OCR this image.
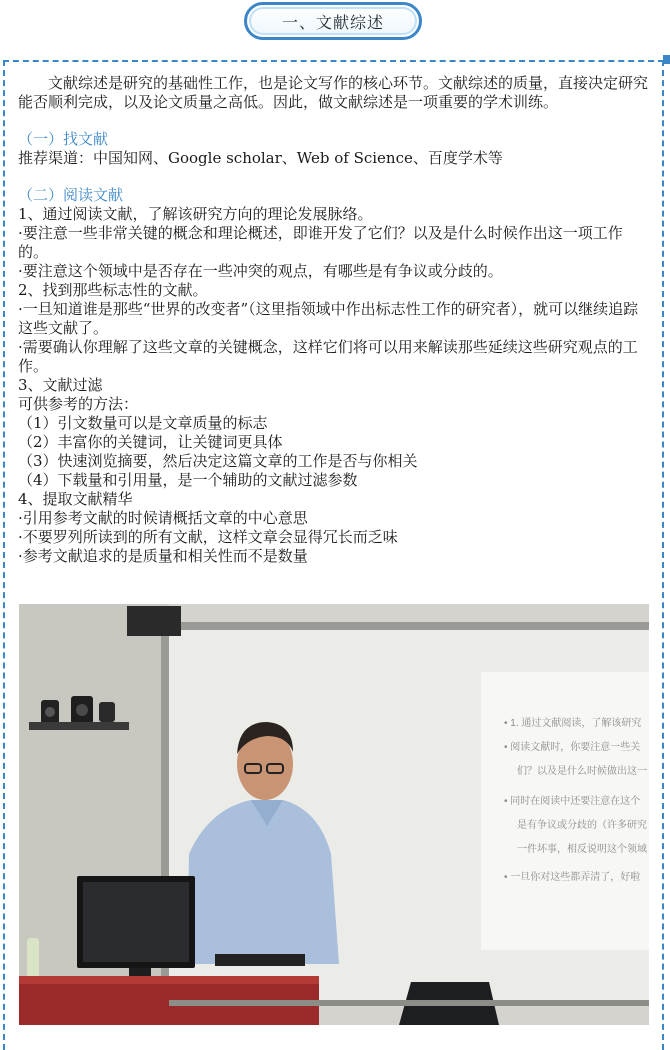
一、文献综述

文献综述是研究的基础性工作，也是论文写作的核心环节。文献综述的质量，直接决定研究能否顺利完成，以及论文质量之高低。因此，做文献综述是一项重要的学术训练。

（一）找文献

推荐渠道：中国知网、Google scholar、Web of Science、百度学术等

（二）阅读文献

1、通过阅读文献，了解该研究方向的理论发展脉络。

·要注意一些非常关键的概念和理论概述，即谁开发了它们？以及是什么时候作出这一项工作的。

·要注意这个领域中是否存在一些冲突的观点，有哪些是有争议或分歧的。

2、找到那些标志性的文献。

·一旦知道谁是那些“世界的改变者”（这里指领域中作出标志性工作的研究者），就可以继续追踪这些文献了。

·需要确认你理解了这些文章的关键概念，这样它们将可以用来解读那些延续这些研究观点的工作。

3、文献过滤

可供参考的方法：

（1）引文数量可以是文章质量的标志

（2）丰富你的关键词，让关键词更具体

（3）快速浏览摘要，然后决定这篇文章的工作是否与你相关

（4）下载量和引用量，是一个辅助的文献过滤参数

4、提取文献精华

·引用参考文献的时候请概括文章的中心意思

·不要罗列所读到的所有文献，这样文章会显得冗长而乏味

·参考文献追求的是质量和相关性而不是数量

• 1. 通过文献阅读，了解该研究
• 阅读文献时，你要注意一些关
们？以及是什么时候做出这一
• 同时在阅读中还要注意在这个
是有争议或分歧的（许多研究
一件坏事，相反说明这个领域
• 一旦你对这些都弄清了，好啦
